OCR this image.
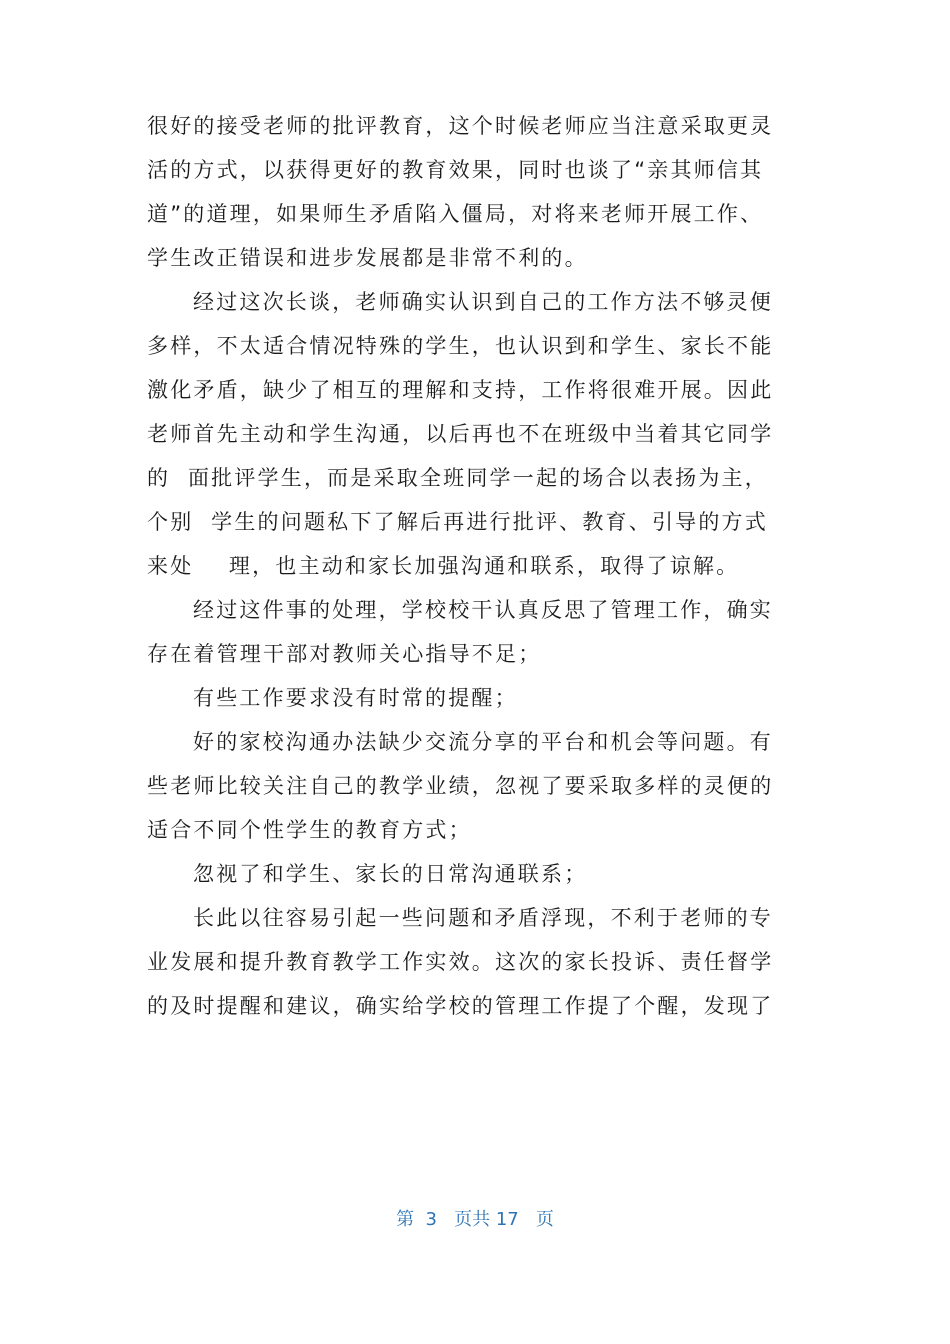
很好的接受老师的批评教育，这个时候老师应当注意采取更灵
活的方式，以获得更好的教育效果，同时也谈了“亲其师信其
道”的道理，如果师生矛盾陷入僵局，对将来老师开展工作、
学生改正错误和进步发展都是非常不利的。
经过这次长谈，老师确实认识到自己的工作方法不够灵便
多样，不太适合情况特殊的学生，也认识到和学生、家长不能
激化矛盾，缺少了相互的理解和支持，工作将很难开展。因此
老师首先主动和学生沟通，以后再也不在班级中当着其它同学
的  面批评学生，而是采取全班同学一起的场合以表扬为主，
个别  学生的问题私下了解后再进行批评、教育、引导的方式
来处    理，也主动和家长加强沟通和联系，取得了谅解。
经过这件事的处理，学校校干认真反思了管理工作，确实
存在着管理干部对教师关心指导不足；
有些工作要求没有时常的提醒；
好的家校沟通办法缺少交流分享的平台和机会等问题。有
些老师比较关注自己的教学业绩，忽视了要采取多样的灵便的
适合不同个性学生的教育方式；
忽视了和学生、家长的日常沟通联系；
长此以往容易引起一些问题和矛盾浮现，不利于老师的专
业发展和提升教育教学工作实效。这次的家长投诉、责任督学
的及时提醒和建议，确实给学校的管理工作提了个醒，发现了
第  3   页共 17   页
